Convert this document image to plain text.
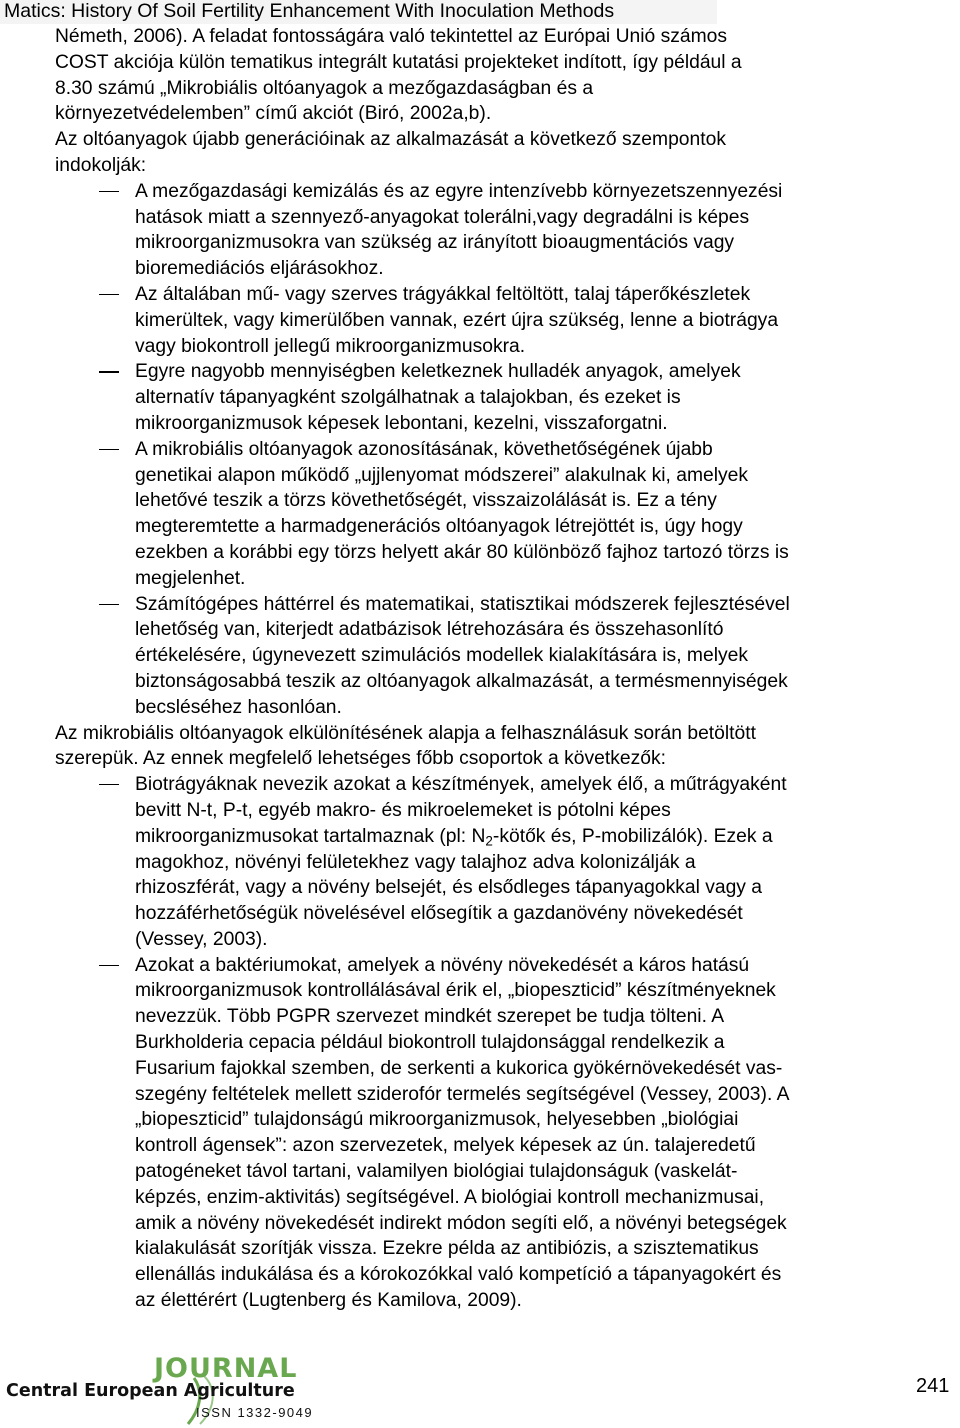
Matics: History Of Soil Fertility Enhancement With Inoculation Methods

Németh, 2006). A feladat fontosságára való tekintettel az Európai Unió számos
COST akciója külön tematikus integrált kutatási projekteket indított, így például a
8.30 számú „Mikrobiális oltóanyagok a mezőgazdaságban és a
környezetvédelemben” című akciót (Biró, 2002a,b).
Az oltóanyagok újabb generációinak az alkalmazását a következő szempontok
indokolják:

A mezőgazdasági kemizálás és az egyre intenzívebb környezetszennyezési
hatások miatt a szennyező-anyagokat tolerálni,vagy degradálni is képes
mikroorganizmusokra van szükség az irányított bioaugmentációs vagy
bioremediációs eljárásokhoz.
Az általában mű- vagy szerves trágyákkal feltöltött, talaj táperőkészletek
kimerültek, vagy kimerülőben vannak, ezért újra szükség, lenne a biotrágya
vagy biokontroll jellegű mikroorganizmusokra.
Egyre nagyobb mennyiségben keletkeznek hulladék anyagok, amelyek
alternatív tápanyagként szolgálhatnak a talajokban, és ezeket is
mikroorganizmusok képesek lebontani, kezelni, visszaforgatni.
A mikrobiális oltóanyagok azonosításának, követhetőségének újabb
genetikai alapon működő „ujjlenyomat módszerei” alakulnak ki, amelyek
lehetővé teszik a törzs követhetőségét, visszaizolálását is. Ez a tény
megteremtette a harmadgenerációs oltóanyagok létrejöttét is, úgy hogy
ezekben a korábbi egy törzs helyett akár 80 különböző fajhoz tartozó törzs is
megjelenhet.
Számítógépes háttérrel és matematikai, statisztikai módszerek fejlesztésével
lehetőség van, kiterjedt adatbázisok létrehozására és összehasonlító
értékelésére, úgynevezett szimulációs modellek kialakítására is, melyek
biztonságosabbá teszik az oltóanyagok alkalmazását, a termésmennyiségek
becsléséhez hasonlóan.

Az mikrobiális oltóanyagok elkülönítésének alapja a felhasználásuk során betöltött
szerepük. Az ennek megfelelő lehetséges főbb csoportok a következők:

Biotrágyáknak nevezik azokat a készítmények, amelyek élő, a műtrágyaként
bevitt N-t, P-t, egyéb makro- és mikroelemeket is pótolni képes
mikroorganizmusokat tartalmaznak (pl: $N_2$-kötők és, P-mobilizálók). Ezek a
magokhoz, növényi felületekhez vagy talajhoz adva kolonizálják a
rhizoszférát, vagy a növény belsejét, és elsődleges tápanyagokkal vagy a
hozzáférhetőségük növelésével elősegítik a gazdanövény növekedését
(Vessey, 2003).
Azokat a baktériumokat, amelyek a növény növekedését a káros hatású
mikroorganizmusok kontrollálásával érik el, „biopeszticid” készítményeknek
nevezzük. Több PGPR szervezet mindkét szerepet be tudja tölteni. A
Burkholderia cepacia például biokontroll tulajdonsággal rendelkezik a
Fusarium fajokkal szemben, de serkenti a kukorica gyökérnövekedését vas-
szegény feltételek mellett sziderofór termelés segítségével (Vessey, 2003). A
„biopeszticid” tulajdonságú mikroorganizmusok, helyesebben „biológiai
kontroll ágensek”: azon szervezetek, melyek képesek az ún. talajeredetű
patogéneket távol tartani, valamilyen biológiai tulajdonságuk (vaskelát-
képzés, enzim-aktivitás) segítségével. A biológiai kontroll mechanizmusai,
amik a növény növekedését indirekt módon segíti elő, a növényi betegségek
kialakulását szorítják vissza. Ezekre példa az antibiózis, a szisztematikus
ellenállás indukálása és a kórokozókkal való kompetíció a tápanyagokért és
az élettérért (Lugtenberg és Kamilova, 2009).
JOURNAL
Central European Agriculture
ISSN 1332-9049
241
